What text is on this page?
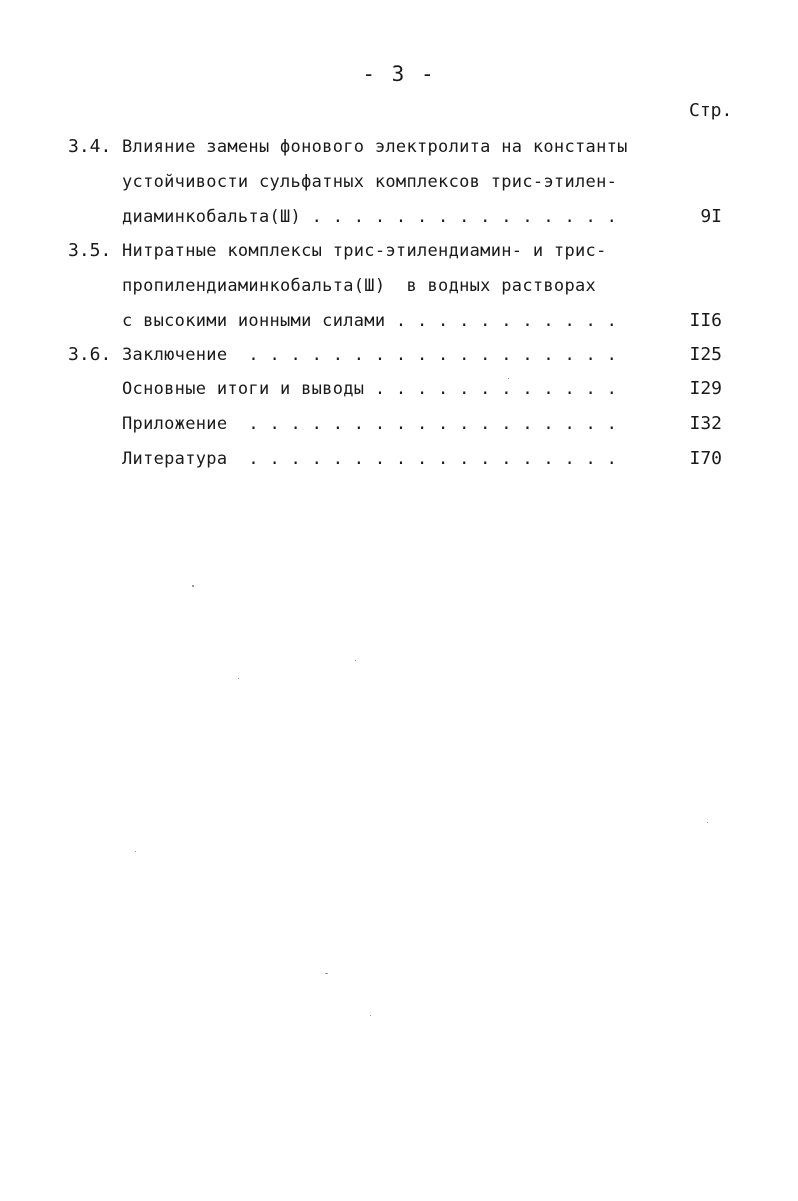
- 3 -
Стр.
3.4. Влияние замены фонового электролита на константы
устойчивости сульфатных комплексов трис-этилен-
диаминкобальта(Ш) . . . . . . . . . . . . . . .	9I
3.5. Нитратные комплексы трис-этилендиамин- и трис-
пропилендиаминкобальта(Ш)  в водных растворах
с высокими ионными силами . . . . . . . . . . .	II6
3.6. Заключение  . . . . . . . . . . . . . . . . . .	I25
Основные итоги и выводы . . . . . . . . . . . .	I29
Приложение  . . . . . . . . . . . . . . . . . .	I32
Литература  . . . . . . . . . . . . . . . . . .	I70
